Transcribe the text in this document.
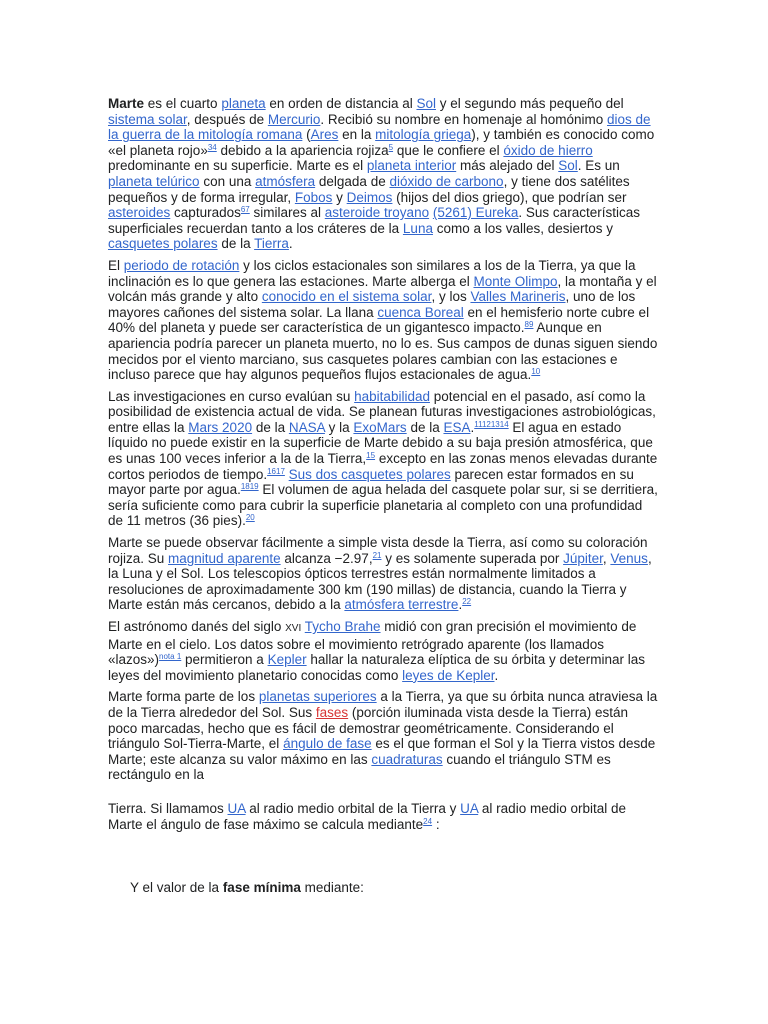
Marte es el cuarto planeta en orden de distancia al Sol y el segundo más pequeño del sistema solar, después de Mercurio. Recibió su nombre en homenaje al homónimo dios de la guerra de la mitología romana (Ares en la mitología griega), y también es conocido como «el planeta rojo»$^{34}$ debido a la apariencia rojiza$^5$ que le confiere el óxido de hierro predominante en su superficie. Marte es el planeta interior más alejado del Sol. Es un planeta telúrico con una atmósfera delgada de dióxido de carbono, y tiene dos satélites pequeños y de forma irregular, Fobos y Deimos (hijos del dios griego), que podrían ser asteroides capturados$^{67}$ similares al asteroide troyano (5261) Eureka. Sus características superficiales recuerdan tanto a los cráteres de la Luna como a los valles, desiertos y casquetes polares de la Tierra.

El periodo de rotación y los ciclos estacionales son similares a los de la Tierra, ya que la inclinación es lo que genera las estaciones. Marte alberga el Monte Olimpo, la montaña y el volcán más grande y alto conocido en el sistema solar, y los Valles Marineris, uno de los mayores cañones del sistema solar. La llana cuenca Boreal en el hemisferio norte cubre el 40% del planeta y puede ser característica de un gigantesco impacto.$^{89}$ Aunque en apariencia podría parecer un planeta muerto, no lo es. Sus campos de dunas siguen siendo mecidos por el viento marciano, sus casquetes polares cambian con las estaciones e incluso parece que hay algunos pequeños flujos estacionales de agua.$^{10}$

Las investigaciones en curso evalúan su habitabilidad potencial en el pasado, así como la posibilidad de existencia actual de vida. Se planean futuras investigaciones astrobiológicas, entre ellas la Mars 2020 de la NASA y la ExoMars de la ESA.$^{11121314}$ El agua en estado líquido no puede existir en la superficie de Marte debido a su baja presión atmosférica, que es unas 100 veces inferior a la de la Tierra,$^{15}$ excepto en las zonas menos elevadas durante cortos periodos de tiempo.$^{1617}$ Sus dos casquetes polares parecen estar formados en su mayor parte por agua.$^{1819}$ El volumen de agua helada del casquete polar sur, si se derritiera, sería suficiente como para cubrir la superficie planetaria al completo con una profundidad de 11 metros (36 pies).$^{20}$

Marte se puede observar fácilmente a simple vista desde la Tierra, así como su coloración rojiza. Su magnitud aparente alcanza −2.97,21 y es solamente superada por Júpiter, Venus, la Luna y el Sol. Los telescopios ópticos terrestres están normalmente limitados a resoluciones de aproximadamente 300 km (190 millas) de distancia, cuando la Tierra y Marte están más cercanos, debido a la atmósfera terrestre.$^{22}$

El astrónomo danés del siglo XVI Tycho Brahe midió con gran precisión el movimiento de Marte en el cielo. Los datos sobre el movimiento retrógrado aparente (los llamados «lazos»)$^{nota 1}$ permitieron a Kepler hallar la naturaleza elíptica de su órbita y determinar las leyes del movimiento planetario conocidas como leyes de Kepler.

Marte forma parte de los planetas superiores a la Tierra, ya que su órbita nunca atraviesa la de la Tierra alrededor del Sol. Sus fases (porción iluminada vista desde la Tierra) están poco marcadas, hecho que es fácil de demostrar geométricamente. Considerando el triángulo Sol-Tierra-Marte, el ángulo de fase es el que forman el Sol y la Tierra vistos desde Marte; este alcanza su valor máximo en las cuadraturas cuando el triángulo STM es rectángulo en la

Tierra. Si llamamos UA al radio medio orbital de la Tierra y UA al radio medio orbital de Marte el ángulo de fase máximo se calcula mediante$^{24}$ :

Y el valor de la fase mínima mediante:
